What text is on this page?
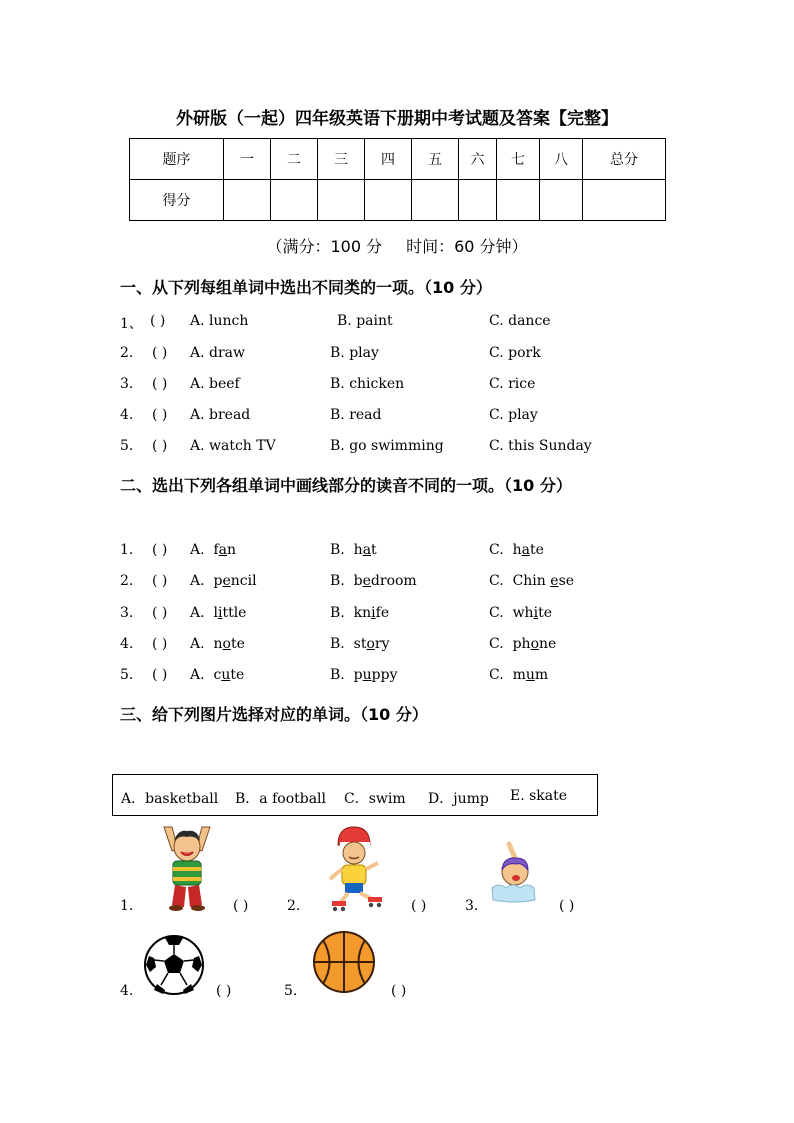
外研版（一起）四年级英语下册期中考试题及答案【完整】
题序	一	二	三	四	五	六	七	八	总分
得分									
（满分：100 分 时间：60 分钟）
一、从下列每组单词中选出不同类的一项。（10 分）
1、 ( ) A. lunch	B. paint	C. dance
2. ( ) A. draw	B. play	C. pork
3. ( ) A. beef	B. chicken	C. rice
4. ( ) A. bread	B. read	C. play
5. ( ) A. watch TV	B. go swimming	C. this Sunday
二、选出下列各组单词中画线部分的读音不同的一项。（10 分）
1. ( ) A. fan	B. hat	C. hate
2. ( ) A. pencil	B. bedroom	C. Chin ese
3. ( ) A. little	B. knife	C. white
4. ( ) A. note	B. story	C. phone
5. ( ) A. cute	B. puppy	C. mum
三、给下列图片选择对应的单词。（10 分）
A．basketball B．a football C．swim D．jump E. skate
1.	( )	2.	( )	3.	( )
4.	( )	5.	( )
